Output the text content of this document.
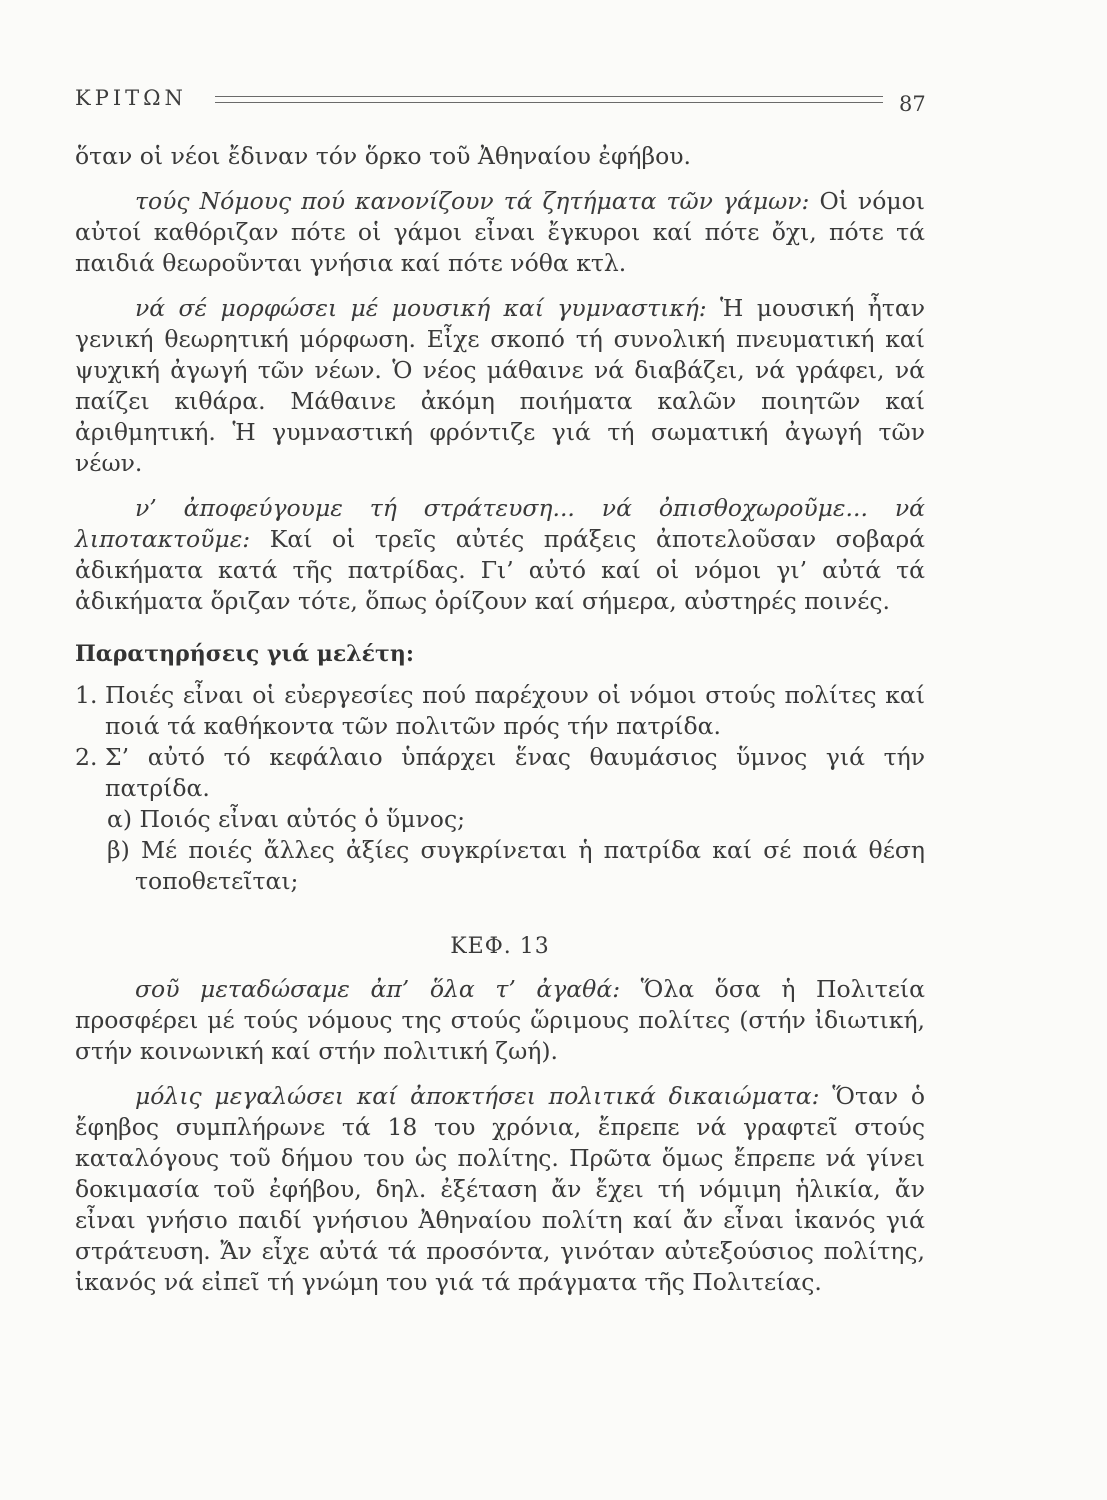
ΚΡΙΤΩΝ	87

ὅταν οἱ νέοι ἔδιναν τόν ὅρκο τοῦ Ἀθηναίου ἐφήβου.

τούς Νόμους πού κανονίζουν τά ζητήματα τῶν γάμων: Οἱ νόμοι αὐτοί καθόριζαν πότε οἱ γάμοι εἶναι ἔγκυροι καί πότε ὄχι, πότε τά παιδιά θεωροῦνται γνήσια καί πότε νόθα κτλ.

νά σέ μορφώσει μέ μουσική καί γυμναστική: Ἡ μουσική ἦταν γενική θεωρητική μόρφωση. Εἶχε σκοπό τή συνολική πνευματική καί ψυχική ἀγωγή τῶν νέων. Ὁ νέος μάθαινε νά διαβάζει, νά γράφει, νά παίζει κιθάρα. Μάθαινε ἀκόμη ποιήματα καλῶν ποιητῶν καί ἀριθμητική. Ἡ γυμναστική φρόντιζε γιά τή σωματική ἀγωγή τῶν νέων.

ν’ ἀποφεύγουμε τή στράτευση... νά ὀπισθοχωροῦμε... νά λιποτακτοῦμε: Καί οἱ τρεῖς αὐτές πράξεις ἀποτελοῦσαν σοβαρά ἀδικήματα κατά τῆς πατρίδας. Γι’ αὐτό καί οἱ νόμοι γι’ αὐτά τά ἀδικήματα ὅριζαν τότε, ὅπως ὁρίζουν καί σήμερα, αὐστηρές ποινές.

Παρατηρήσεις γιά μελέτη:

1. Ποιές εἶναι οἱ εὐεργεσίες πού παρέχουν οἱ νόμοι στούς πολίτες καί ποιά τά καθήκοντα τῶν πολιτῶν πρός τήν πατρίδα.

2. Σ’ αὐτό τό κεφάλαιο ὑπάρχει ἕνας θαυμάσιος ὕμνος γιά τήν πατρίδα.

α) Ποιός εἶναι αὐτός ὁ ὕμνος;

β) Μέ ποιές ἄλλες ἀξίες συγκρίνεται ἡ πατρίδα καί σέ ποιά θέση τοποθετεῖται;

ΚΕΦ. 13

σοῦ μεταδώσαμε ἀπ’ ὅλα τ’ ἀγαθά: Ὅλα ὅσα ἡ Πολιτεία προσφέρει μέ τούς νόμους της στούς ὥριμους πολίτες (στήν ἰδιωτική, στήν κοινωνική καί στήν πολιτική ζωή).

μόλις μεγαλώσει καί ἀποκτήσει πολιτικά δικαιώματα: Ὅταν ὁ ἔφηβος συμπλήρωνε τά 18 του χρόνια, ἔπρεπε νά γραφτεῖ στούς καταλόγους τοῦ δήμου του ὡς πολίτης. Πρῶτα ὅμως ἔπρεπε νά γίνει δοκιμασία τοῦ ἐφήβου, δηλ. ἐξέταση ἄν ἔχει τή νόμιμη ἡλικία, ἄν εἶναι γνήσιο παιδί γνήσιου Ἀθηναίου πολίτη καί ἄν εἶναι ἱκανός γιά στράτευση. Ἄν εἶχε αὐτά τά προσόντα, γινόταν αὐτεξούσιος πολίτης, ἱκανός νά εἰπεῖ τή γνώμη του γιά τά πράγματα τῆς Πολιτείας.
